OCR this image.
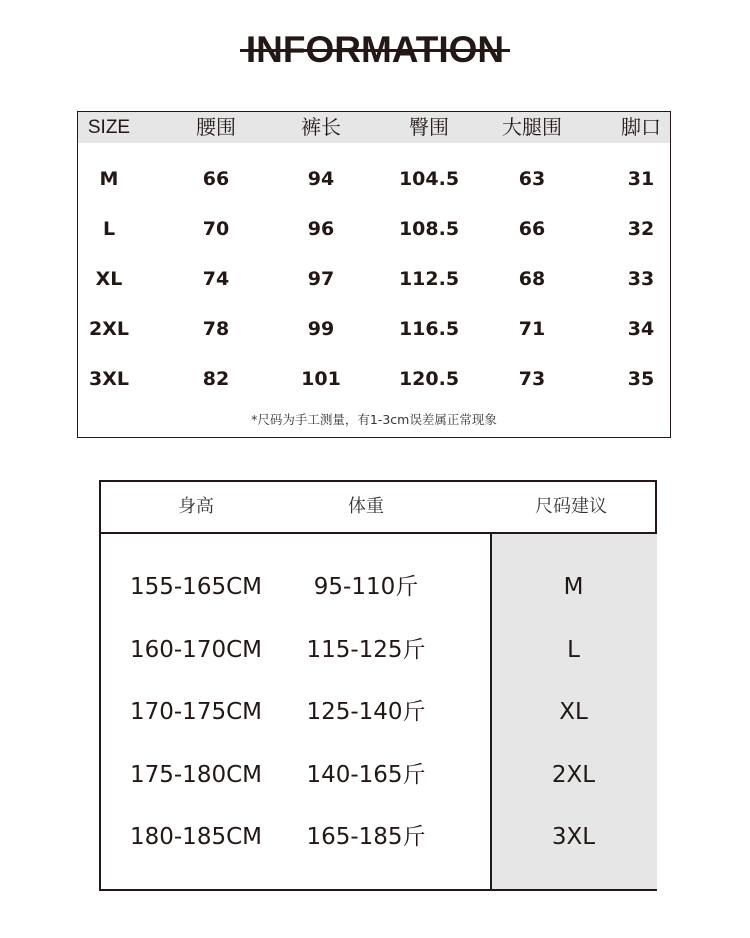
INFORMATION
SIZE	腰围	裤长	臀围	大腿围	脚口
M	66	94	104.5	63	31
L	70	96	108.5	66	32
XL	74	97	112.5	68	33
2XL	78	99	116.5	71	34
3XL	82	101	120.5	73	35
*尺码为手工测量，有1-3cm误差属正常现象
身高	体重	尺码建议
155-165CM	95-110斤	M
160-170CM	115-125斤	L
170-175CM	125-140斤	XL
175-180CM	140-165斤	2XL
180-185CM	165-185斤	3XL
